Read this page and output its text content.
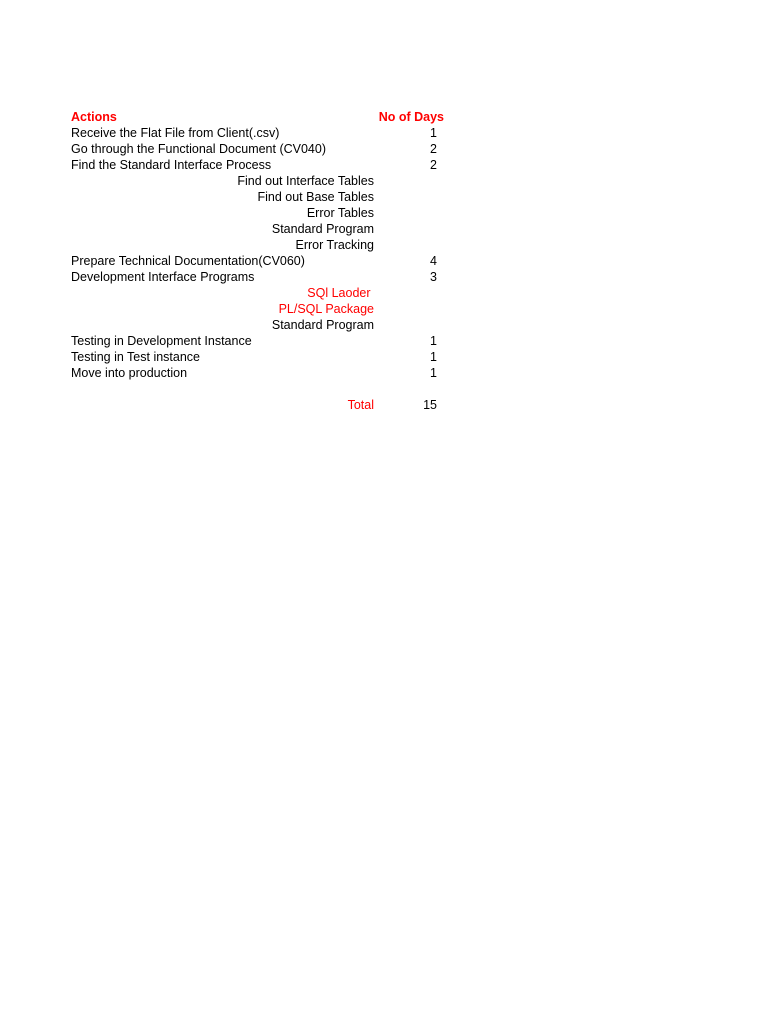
Actions	No of Days
Receive the Flat File from Client(.csv)	1
Go through the Functional Document (CV040)	2
Find the Standard Interface Process	2
Find out Interface Tables
Find out Base Tables
Error Tables
Standard Program
Error Tracking
Prepare Technical Documentation(CV060)	4
Development Interface Programs	3
SQl Laoder
PL/SQL Package
Standard Program
Testing in Development Instance	1
Testing in Test instance	1
Move into production	1
Total	15
